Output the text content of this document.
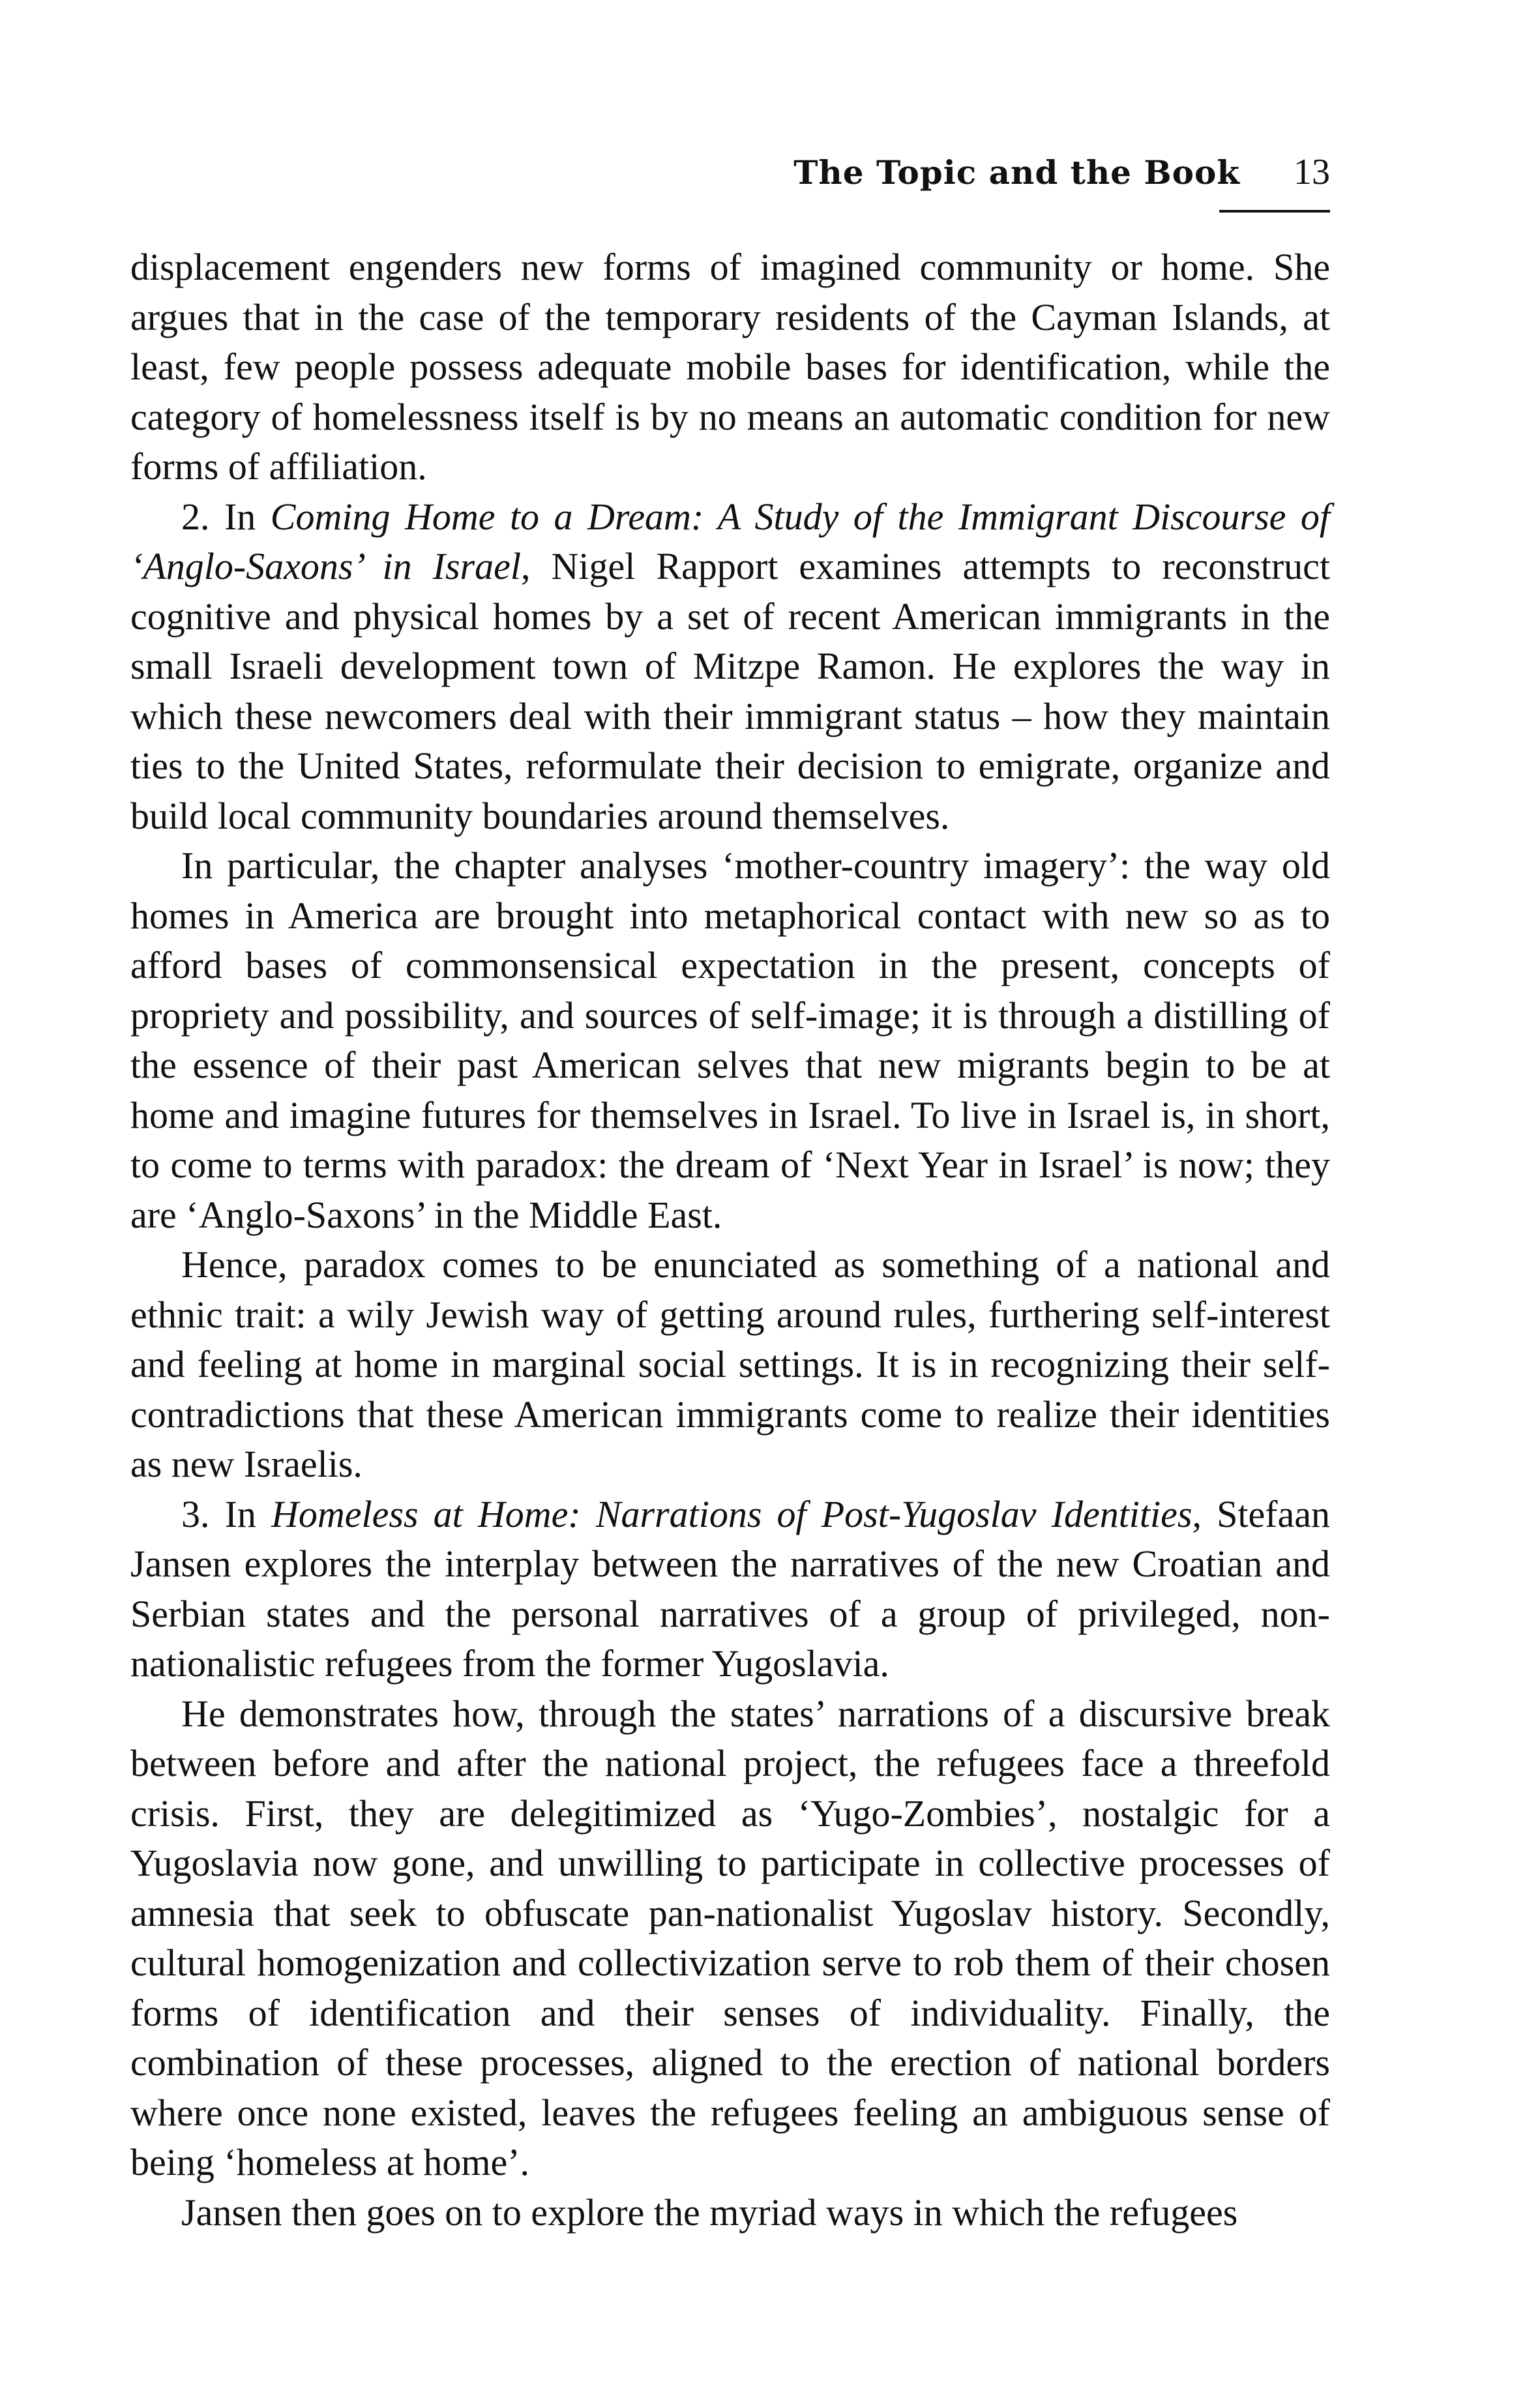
The Topic and the Book 13

displacement engenders new forms of imagined community or home. She argues that in the case of the temporary residents of the Cayman Islands, at least, few people possess adequate mobile bases for identification, while the category of homelessness itself is by no means an automatic condition for new forms of affiliation.

2. In Coming Home to a Dream: A Study of the Immigrant Discourse of ‘Anglo-Saxons’ in Israel, Nigel Rapport examines attempts to reconstruct cognitive and physical homes by a set of recent American immigrants in the small Israeli development town of Mitzpe Ramon. He explores the way in which these newcomers deal with their immigrant status – how they maintain ties to the United States, reformulate their decision to emigrate, organize and build local community boundaries around themselves.

In particular, the chapter analyses ‘mother-country imagery’: the way old homes in America are brought into metaphorical contact with new so as to afford bases of commonsensical expectation in the present, concepts of propriety and possibility, and sources of self-image; it is through a distilling of the essence of their past American selves that new migrants begin to be at home and imagine futures for themselves in Israel. To live in Israel is, in short, to come to terms with paradox: the dream of ‘Next Year in Israel’ is now; they are ‘Anglo-Saxons’ in the Middle East.

Hence, paradox comes to be enunciated as something of a national and ethnic trait: a wily Jewish way of getting around rules, furthering self-interest and feeling at home in marginal social settings. It is in recognizing their self-contradictions that these American immigrants come to realize their identities as new Israelis.

3. In Homeless at Home: Narrations of Post-Yugoslav Identities, Stefaan Jansen explores the interplay between the narratives of the new Croatian and Serbian states and the personal narratives of a group of privileged, non-nationalistic refugees from the former Yugoslavia.

He demonstrates how, through the states’ narrations of a discursive break between before and after the national project, the refugees face a threefold crisis. First, they are delegitimized as ‘Yugo-Zombies’, nostalgic for a Yugoslavia now gone, and unwilling to participate in collective processes of amnesia that seek to obfuscate pan-nationalist Yugoslav history. Secondly, cultural homogenization and collectivization serve to rob them of their chosen forms of identification and their senses of individuality. Finally, the combination of these processes, aligned to the erection of national borders where once none existed, leaves the refugees feeling an ambiguous sense of being ‘homeless at home’.

Jansen then goes on to explore the myriad ways in which the refugees
